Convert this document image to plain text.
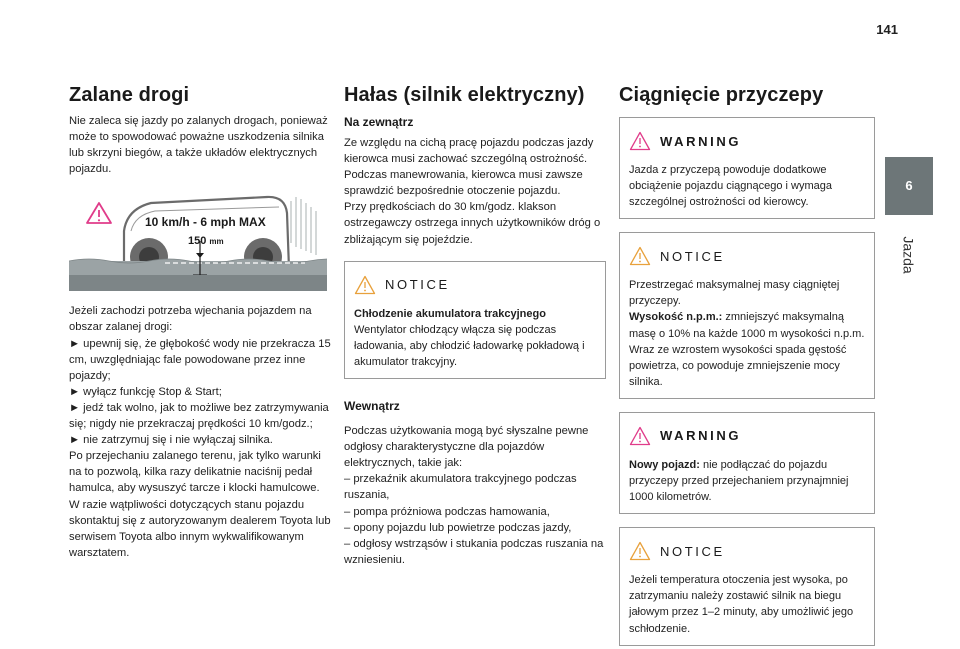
141
6
Jazda
Zalane drogi

Nie zaleca się jazdy po zalanych drogach, ponieważ może to spowodować poważne uszkodzenia silnika lub skrzyni biegów, a także układów elektrycznych pojazdu.

10 km/h - 6 mph MAX
150 mm

Jeżeli zachodzi potrzeba wjechania pojazdem na obszar zalanej drogi:

► upewnij się, że głębokość wody nie przekracza 15 cm, uwzględniając fale powodowane przez inne pojazdy;

► wyłącz funkcję Stop & Start;

► jedź tak wolno, jak to możliwe bez zatrzymywania się; nigdy nie przekraczaj prędkości 10 km/godz.;

► nie zatrzymuj się i nie wyłączaj silnika.

Po przejechaniu zalanego terenu, jak tylko warunki na to pozwolą, kilka razy delikatnie naciśnij pedał hamulca, aby wysuszyć tarcze i klocki hamulcowe.

W razie wątpliwości dotyczących stanu pojazdu skontaktuj się z autoryzowanym dealerem Toyota lub serwisem Toyota albo innym wykwalifikowanym warsztatem.

Hałas (silnik elektryczny)
Na zewnątrz

Ze względu na cichą pracę pojazdu podczas jazdy kierowca musi zachować szczególną ostrożność.

Podczas manewrowania, kierowca musi zawsze sprawdzić bezpośrednie otoczenie pojazdu.

Przy prędkościach do 30 km/godz. klakson ostrzegawczy ostrzega innych użytkowników dróg o zbliżającym się pojeździe.

NOTICE

Chłodzenie akumulatora trakcyjnego

Wentylator chłodzący włącza się podczas ładowania, aby chłodzić ładowarkę pokładową i akumulator trakcyjny.

Wewnątrz

Podczas użytkowania mogą być słyszalne pewne odgłosy charakterystyczne dla pojazdów elektrycznych, takie jak:

– przekaźnik akumulatora trakcyjnego podczas ruszania,

– pompa próżniowa podczas hamowania,

– opony pojazdu lub powietrze podczas jazdy,

– odgłosy wstrząsów i stukania podczas ruszania na wzniesieniu.

Ciągnięcie przyczepy
WARNING

Jazda z przyczepą powoduje dodatkowe obciążenie pojazdu ciągnącego i wymaga szczególnej ostrożności od kierowcy.

NOTICE

Przestrzegać maksymalnej masy ciągniętej przyczepy.

Wysokość n.p.m.: zmniejszyć maksymalną masę o 10% na każde 1000 m wysokości n.p.m. Wraz ze wzrostem wysokości spada gęstość powietrza, co powoduje zmniejszenie mocy silnika.

WARNING

Nowy pojazd: nie podłączać do pojazdu przyczepy przed przejechaniem przynajmniej 1000 kilometrów.

NOTICE

Jeżeli temperatura otoczenia jest wysoka, po zatrzymaniu należy zostawić silnik na biegu jałowym przez 1–2 minuty, aby umożliwić jego schłodzenie.
